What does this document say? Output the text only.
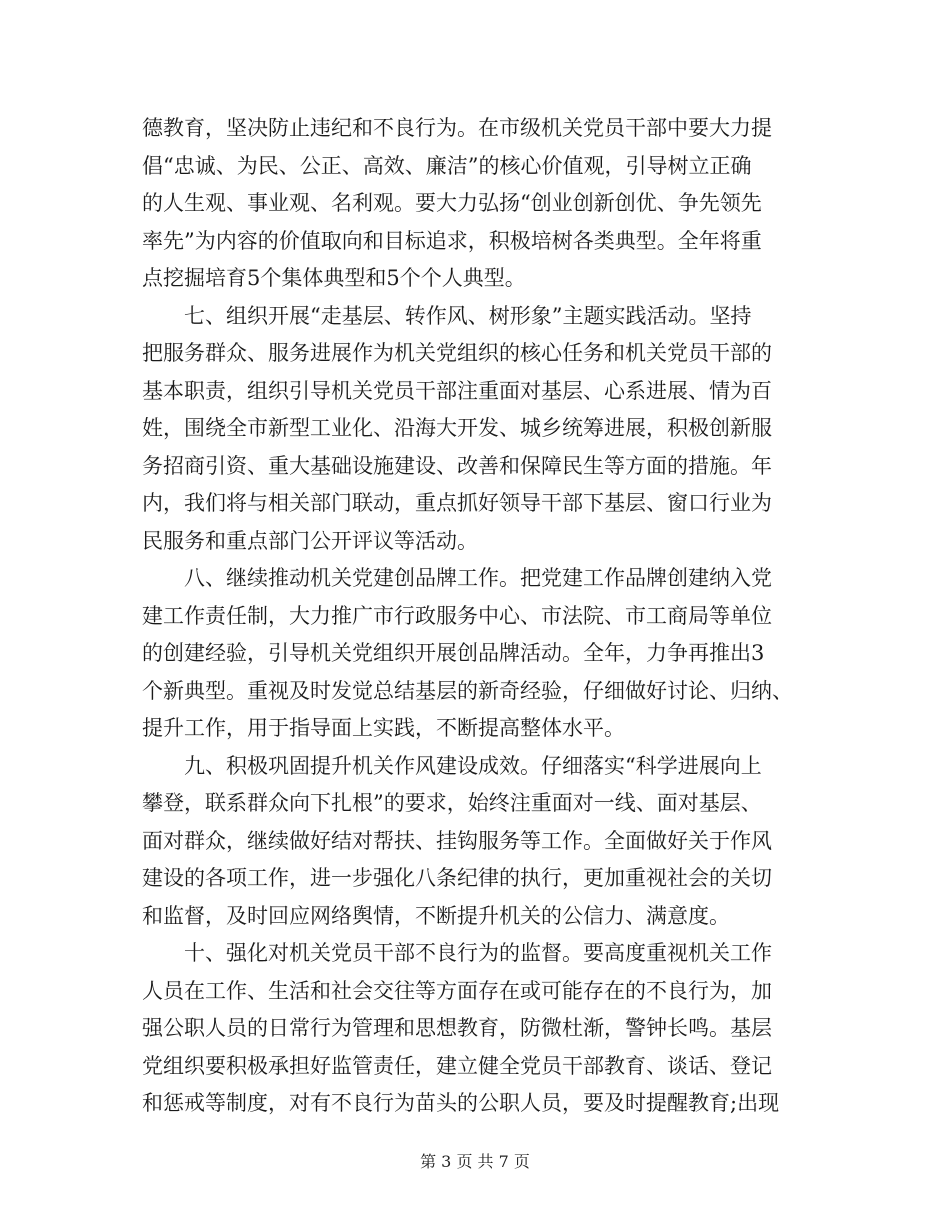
德教育，坚决防止违纪和不良行为。在市级机关党员干部中要大力提
倡“忠诚、为民、公正、高效、廉洁”的核心价值观，引导树立正确
的人生观、事业观、名利观。要大力弘扬“创业创新创优、争先领先
率先”为内容的价值取向和目标追求，积极培树各类典型。全年将重
点挖掘培育5个集体典型和5个个人典型。
　　七、组织开展“走基层、转作风、树形象”主题实践活动。坚持
把服务群众、服务进展作为机关党组织的核心任务和机关党员干部的
基本职责，组织引导机关党员干部注重面对基层、心系进展、情为百
姓，围绕全市新型工业化、沿海大开发、城乡统筹进展，积极创新服
务招商引资、重大基础设施建设、改善和保障民生等方面的措施。年
内，我们将与相关部门联动，重点抓好领导干部下基层、窗口行业为
民服务和重点部门公开评议等活动。
　　八、继续推动机关党建创品牌工作。把党建工作品牌创建纳入党
建工作责任制，大力推广市行政服务中心、市法院、市工商局等单位
的创建经验，引导机关党组织开展创品牌活动。全年，力争再推出3
个新典型。重视及时发觉总结基层的新奇经验，仔细做好讨论、归纳、
提升工作，用于指导面上实践，不断提高整体水平。
　　九、积极巩固提升机关作风建设成效。仔细落实“科学进展向上
攀登，联系群众向下扎根”的要求，始终注重面对一线、面对基层、
面对群众，继续做好结对帮扶、挂钩服务等工作。全面做好关于作风
建设的各项工作，进一步强化八条纪律的执行，更加重视社会的关切
和监督，及时回应网络舆情，不断提升机关的公信力、满意度。
　　十、强化对机关党员干部不良行为的监督。要高度重视机关工作
人员在工作、生活和社会交往等方面存在或可能存在的不良行为，加
强公职人员的日常行为管理和思想教育，防微杜渐，警钟长鸣。基层
党组织要积极承担好监管责任，建立健全党员干部教育、谈话、登记
和惩戒等制度，对有不良行为苗头的公职人员，要及时提醒教育;出现
第 3 页 共 7 页
